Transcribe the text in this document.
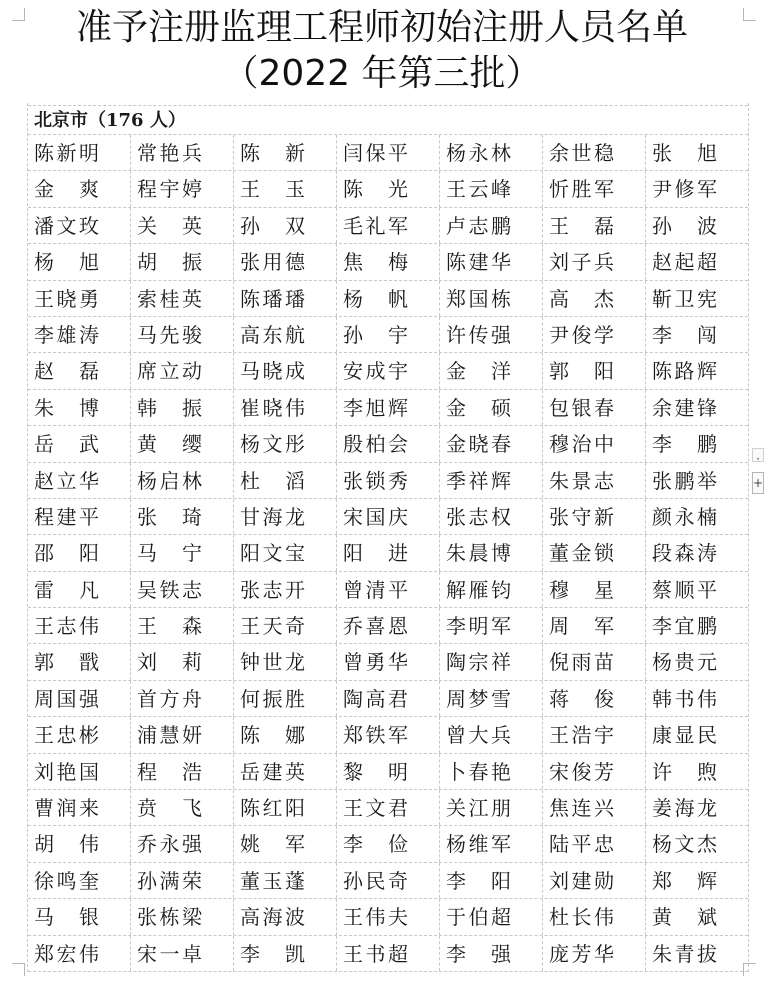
准予注册监理工程师初始注册人员名单
（2022 年第三批）
北京市（176 人）
陈新明	常艳兵	陈　新	闫保平	杨永林	余世稳	张　旭
金　爽	程宇婷	王　玉	陈　光	王云峰	忻胜军	尹修军
潘文玫	关　英	孙　双	毛礼军	卢志鹏	王　磊	孙　波
杨　旭	胡　振	张用德	焦　梅	陈建华	刘子兵	赵起超
王晓勇	索桂英	陈璠璠	杨　帆	郑国栋	高　杰	靳卫宪
李雄涛	马先骏	高东航	孙　宇	许传强	尹俊学	李　闯
赵　磊	席立动	马晓成	安成宇	金　洋	郭　阳	陈路辉
朱　博	韩　振	崔晓伟	李旭辉	金　硕	包银春	余建锋
岳　武	黄　缨	杨文彤	殷柏会	金晓春	穆治中	李　鹏
赵立华	杨启林	杜　滔	张锁秀	季祥辉	朱景志	张鹏举
程建平	张　琦	甘海龙	宋国庆	张志权	张守新	颜永楠
邵　阳	马　宁	阳文宝	阳　进	朱晨博	董金锁	段森涛
雷　凡	吴铁志	张志开	曾清平	解雁钧	穆　星	蔡顺平
王志伟	王　森	王天奇	乔喜恩	李明军	周　军	李宜鹏
郭　戬	刘　莉	钟世龙	曾勇华	陶宗祥	倪雨苗	杨贵元
周国强	首方舟	何振胜	陶高君	周梦雪	蒋　俊	韩书伟
王忠彬	浦慧妍	陈　娜	郑铁军	曾大兵	王浩宇	康显民
刘艳国	程　浩	岳建英	黎　明	卜春艳	宋俊芳	许　煦
曹润来	贲　飞	陈红阳	王文君	关江朋	焦连兴	姜海龙
胡　伟	乔永强	姚　军	李　俭	杨维军	陆平忠	杨文杰
徐鸣奎	孙满荣	董玉蓬	孙民奇	李　阳	刘建勋	郑　辉
马　银	张栋梁	高海波	王伟夫	于伯超	杜长伟	黄　斌
郑宏伟	宋一卓	李　凯	王书超	李　强	庞芳华	朱青拔
·
+
